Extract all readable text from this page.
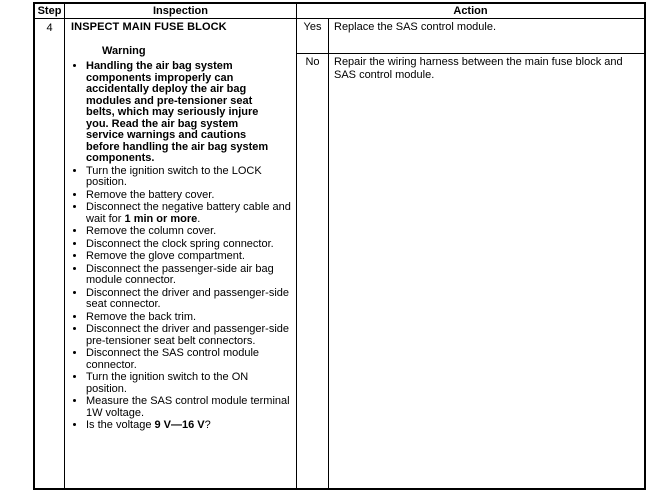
Step	Inspection	Action
4	INSPECT MAIN FUSE BLOCK
Warning
• Handling the air bag system components improperly can accidentally deploy the air bag modules and pre-tensioner seat belts, which may seriously injure you. Read the air bag system service warnings and cautions before handling the air bag system components.
• Turn the ignition switch to the LOCK position.
• Remove the battery cover.
• Disconnect the negative battery cable and wait for 1 min or more.
• Remove the column cover.
• Disconnect the clock spring connector.
• Remove the glove compartment.
• Disconnect the passenger-side air bag module connector.
• Disconnect the driver and passenger-side seat connector.
• Remove the back trim.
• Disconnect the driver and passenger-side pre-tensioner seat belt connectors.
• Disconnect the SAS control module connector.
• Turn the ignition switch to the ON position.
• Measure the SAS control module terminal 1W voltage.
• Is the voltage 9 V—16 V?
Yes	Replace the SAS control module.
No	Repair the wiring harness between the main fuse block and SAS control module.
